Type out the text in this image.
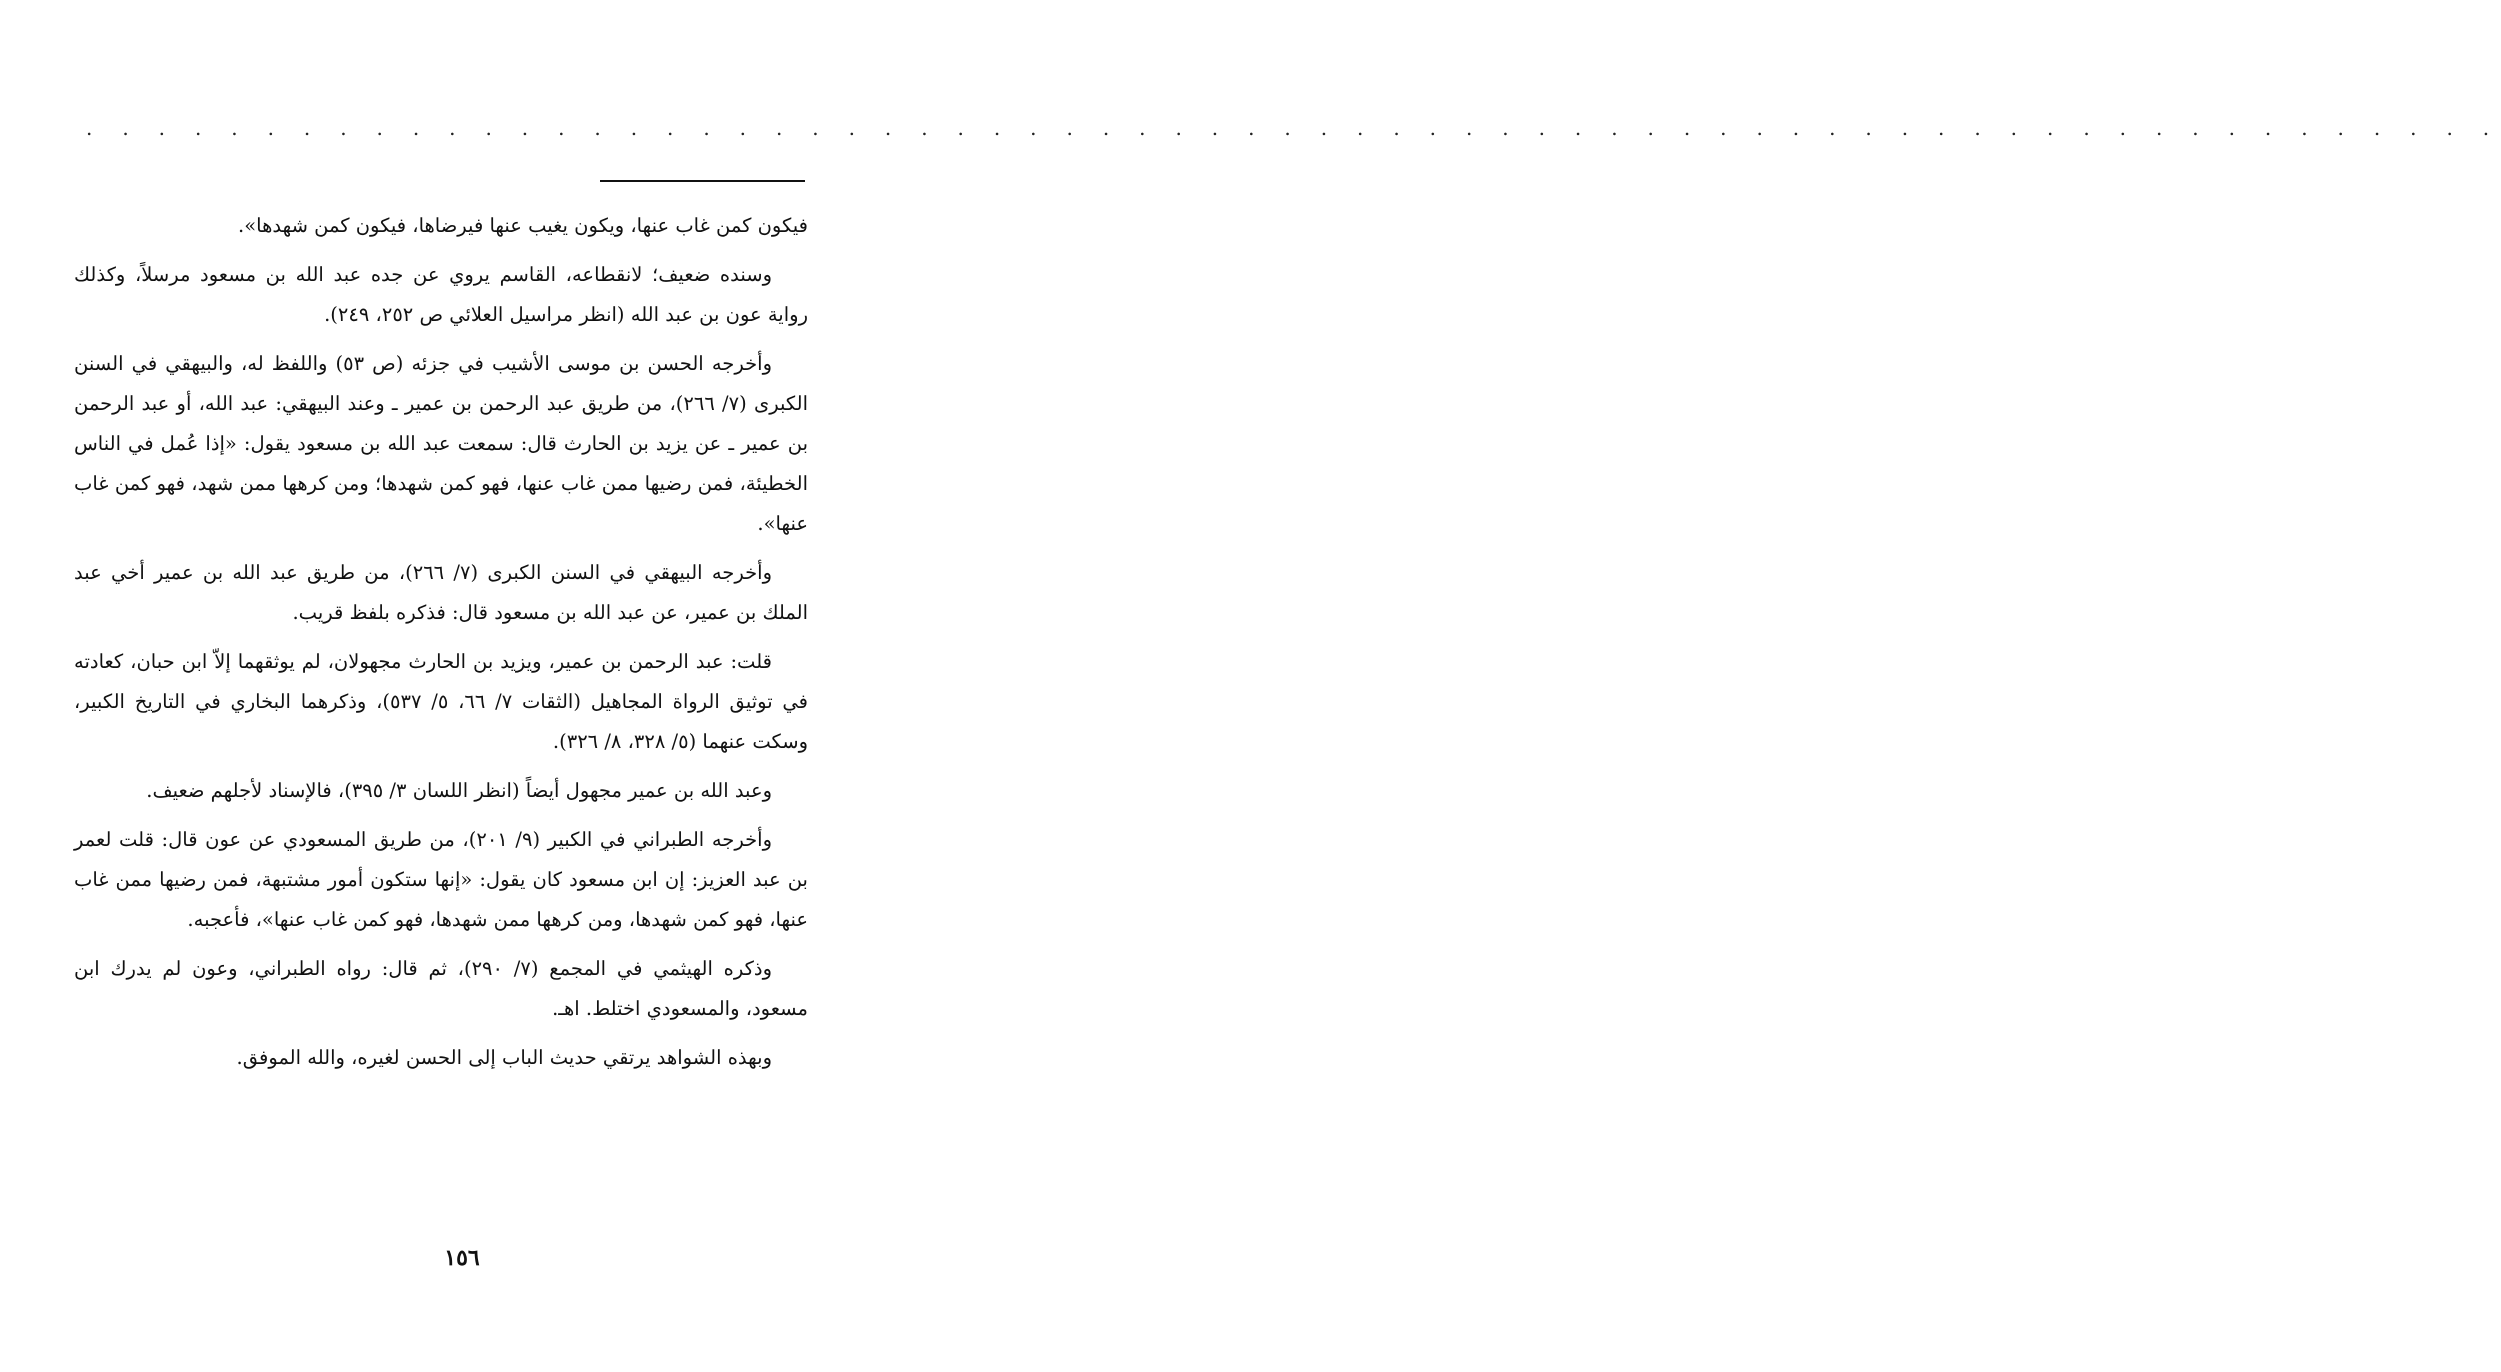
. . . . . . . . . . . . . . . . . . . . . . . . . . . . . . . . . . . . . . . . . . . . . . . . . . . . . . . . . . . . . . . . . . .

فيكون كمن غاب عنها، ويكون يغيب عنها فيرضاها، فيكون كمن شهدها».

وسنده ضعيف؛ لانقطاعه، القاسم يروي عن جده عبد الله بن مسعود مرسلاً، وكذلك رواية عون بن عبد الله (انظر مراسيل العلائي ص ٢٥٢، ٢٤٩).

وأخرجه الحسن بن موسى الأشيب في جزئه (ص ٥٣) واللفظ له، والبيهقي في السنن الكبرى (٧/ ٢٦٦)، من طريق عبد الرحمن بن عمير ـ وعند البيهقي: عبد الله، أو عبد الرحمن بن عمير ـ عن يزيد بن الحارث قال: سمعت عبد الله بن مسعود يقول: «إذا عُمل في الناس الخطيئة، فمن رضيها ممن غاب عنها، فهو كمن شهدها؛ ومن كرهها ممن شهد، فهو كمن غاب عنها».

وأخرجه البيهقي في السنن الكبرى (٧/ ٢٦٦)، من طريق عبد الله بن عمير أخي عبد الملك بن عمير، عن عبد الله بن مسعود قال: فذكره بلفظ قريب.

قلت: عبد الرحمن بن عمير، ويزيد بن الحارث مجهولان، لم يوثقهما إلاّ ابن حبان، كعادته في توثيق الرواة المجاهيل (الثقات ٧/ ٦٦، ٥/ ٥٣٧)، وذكرهما البخاري في التاريخ الكبير، وسكت عنهما (٥/ ٣٢٨، ٨/ ٣٢٦).

وعبد الله بن عمير مجهول أيضاً (انظر اللسان ٣/ ٣٩٥)، فالإسناد لأجلهم ضعيف.

وأخرجه الطبراني في الكبير (٩/ ٢٠١)، من طريق المسعودي عن عون قال: قلت لعمر بن عبد العزيز: إن ابن مسعود كان يقول: «إنها ستكون أمور مشتبهة، فمن رضيها ممن غاب عنها، فهو كمن شهدها، ومن كرهها ممن شهدها، فهو كمن غاب عنها»، فأعجبه.

وذكره الهيثمي في المجمع (٧/ ٢٩٠)، ثم قال: رواه الطبراني، وعون لم يدرك ابن مسعود، والمسعودي اختلط. اهـ.

وبهذه الشواهد يرتقي حديث الباب إلى الحسن لغيره، والله الموفق.

١٥٦
